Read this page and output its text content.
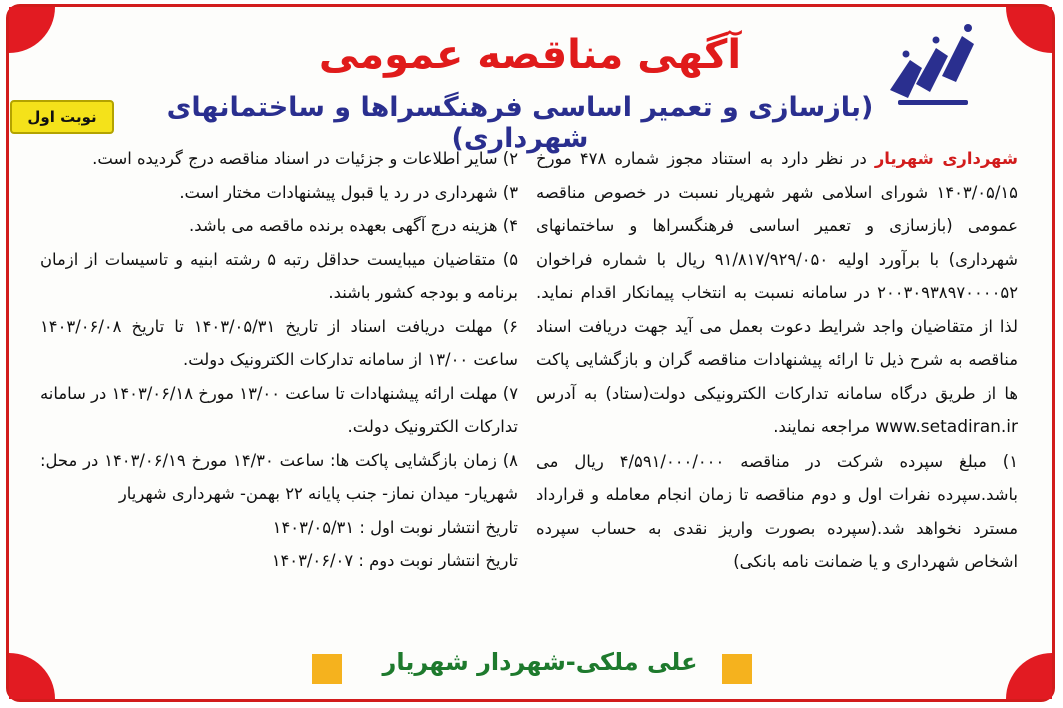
آگهی مناقصه عمومی
(بازسازی و تعمیر اساسی فرهنگسراها و ساختمانهای شهرداری)
نوبت اول

شهرداری شهریار در نظر دارد به استناد مجوز شماره ۴۷۸ مورخ ۱۴۰۳/۰۵/۱۵ شورای اسلامی شهر شهریار نسبت در خصوص مناقصه عمومی (بازسازی و تعمیر اساسی فرهنگسراها و ساختمانهای شهرداری) با برآورد اولیه ۹۱/۸۱۷/۹۲۹/۰۵۰ ریال با شماره فراخوان ۲۰۰۳۰۹۳۸۹۷۰۰۰۰۵۲ در سامانه نسبت به انتخاب پیمانکار اقدام نماید. لذا از متقاضیان واجد شرایط دعوت بعمل می آید جهت دریافت اسناد مناقصه به شرح ذیل تا ارائه پیشنهادات مناقصه گران و بازگشایی پاکت ها از طریق درگاه سامانه تدارکات الکترونیکی دولت(ستاد) به آدرس www.setadiran.ir مراجعه نمایند.

۱) مبلغ سپرده شرکت در مناقصه ۴/۵۹۱/۰۰۰/۰۰۰ ریال می باشد.سپرده نفرات اول و دوم مناقصه تا زمان انجام معامله و قرارداد مسترد نخواهد شد.(سپرده بصورت واریز نقدی به حساب سپرده اشخاص شهرداری و یا ضمانت نامه بانکی)

۲) سایر اطلاعات و جزئیات در اسناد مناقصه درج گردیده است.

۳) شهرداری در رد یا قبول پیشنهادات مختار است.

۴) هزینه درج آگهی بعهده برنده ماقصه می باشد.

۵) متقاضیان میبایست حداقل رتبه ۵ رشته ابنیه و تاسیسات از ازمان برنامه و بودجه کشور باشند.

۶) مهلت دریافت اسناد از تاریخ ۱۴۰۳/۰۵/۳۱ تا تاریخ ۱۴۰۳/۰۶/۰۸ ساعت ۱۳/۰۰ از سامانه تدارکات الکترونیک دولت.

۷) مهلت ارائه پیشنهادات تا ساعت ۱۳/۰۰ مورخ ۱۴۰۳/۰۶/۱۸ در سامانه تدارکات الکترونیک دولت.

۸) زمان بازگشایی پاکت ها: ساعت ۱۴/۳۰ مورخ ۱۴۰۳/۰۶/۱۹ در محل: شهریار- میدان نماز- جنب پایانه ۲۲ بهمن- شهرداری شهریار

تاریخ انتشار نوبت اول : ۱۴۰۳/۰۵/۳۱

تاریخ انتشار نوبت دوم : ۱۴۰۳/۰۶/۰۷

علی ملکی-شهردار شهریار
